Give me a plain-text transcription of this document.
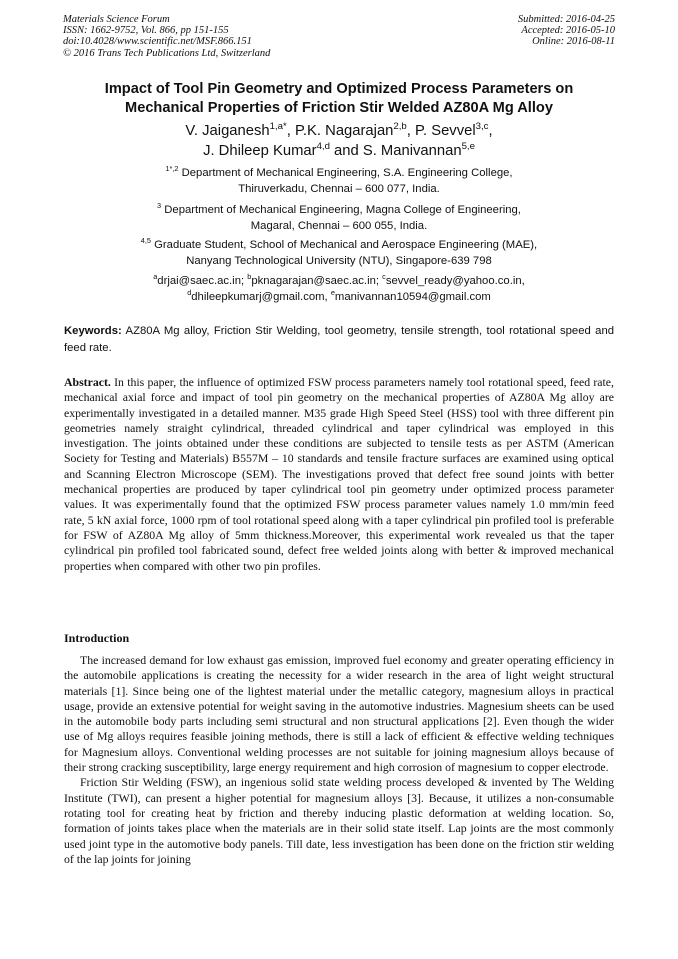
Materials Science Forum
ISSN: 1662-9752, Vol. 866, pp 151-155
doi:10.4028/www.scientific.net/MSF.866.151
© 2016 Trans Tech Publications Ltd, Switzerland
Submitted: 2016-04-25
Accepted: 2016-05-10
Online: 2016-08-11
Impact of Tool Pin Geometry and Optimized Process Parameters on
Mechanical Properties of Friction Stir Welded AZ80A Mg Alloy
V. Jaiganesh$^{1,a*}$, P.K. Nagarajan$^{2,b}$, P. Sevvel$^{3,c}$,
J. Dhileep Kumar$^{4,d}$ and S. Manivannan$^{5,e}$
$^{1*,2}$ Department of Mechanical Engineering, S.A. Engineering College,
Thiruverkadu, Chennai – 600 077, India.
$^3$ Department of Mechanical Engineering, Magna College of Engineering,
Magaral, Chennai – 600 055, India.
$^{4,5}$ Graduate Student, School of Mechanical and Aerospace Engineering (MAE),
Nanyang Technological University (NTU), Singapore-639 798
$^a$drjai@saec.ac.in; $^b$pknagarajan@saec.ac.in; $^c$sevvel_ready@yahoo.co.in,
$^d$dhileepkumarj@gmail.com, $^e$manivannan10594@gmail.com
Keywords: AZ80A Mg alloy, Friction Stir Welding, tool geometry, tensile strength, tool rotational speed and feed rate.

Abstract. In this paper, the influence of optimized FSW process parameters namely tool rotational speed, feed rate, mechanical axial force and impact of tool pin geometry on the mechanical properties of AZ80A Mg alloy are experimentally investigated in a detailed manner. M35 grade High Speed Steel (HSS) tool with three different pin geometries namely straight cylindrical, threaded cylindrical and taper cylindrical was employed in this investigation. The joints obtained under these conditions are subjected to tensile tests as per ASTM (American Society for Testing and Materials) B557M – 10 standards and tensile fracture surfaces are examined using optical and Scanning Electron Microscope (SEM). The investigations proved that defect free sound joints with better mechanical properties are produced by taper cylindrical tool pin geometry under optimized process parameter values. It was experimentally found that the optimized FSW process parameter values namely 1.0 mm/min feed rate, 5 kN axial force, 1000 rpm of tool rotational speed along with a taper cylindrical pin profiled tool is preferable for FSW of AZ80A Mg alloy of 5mm thickness.Moreover, this experimental work revealed us that the taper cylindrical pin profiled tool fabricated sound, defect free welded joints along with better & improved mechanical properties when compared with other two pin profiles.

Introduction

The increased demand for low exhaust gas emission, improved fuel economy and greater operating efficiency in the automobile applications is creating the necessity for a wider research in the area of light weight structural materials [1]. Since being one of the lightest material under the metallic category, magnesium alloys in practical usage, provide an extensive potential for weight saving in the automotive industries. Magnesium sheets can be used in the automobile body parts including semi structural and non structural applications [2]. Even though the wider use of Mg alloys requires feasible joining methods, there is still a lack of efficient & effective welding techniques for Magnesium alloys. Conventional welding processes are not suitable for joining magnesium alloys because of their strong cracking susceptibility, large energy requirement and high corrosion of magnesium to copper electrode.

Friction Stir Welding (FSW), an ingenious solid state welding process developed & invented by The Welding Institute (TWI), can present a higher potential for magnesium alloys [3]. Because, it utilizes a non-consumable rotating tool for creating heat by friction and thereby inducing plastic deformation at welding location. So, formation of joints takes place when the materials are in their solid state itself. Lap joints are the most commonly used joint type in the automotive body panels. Till date, less investigation has been done on the friction stir welding of the lap joints for joining
